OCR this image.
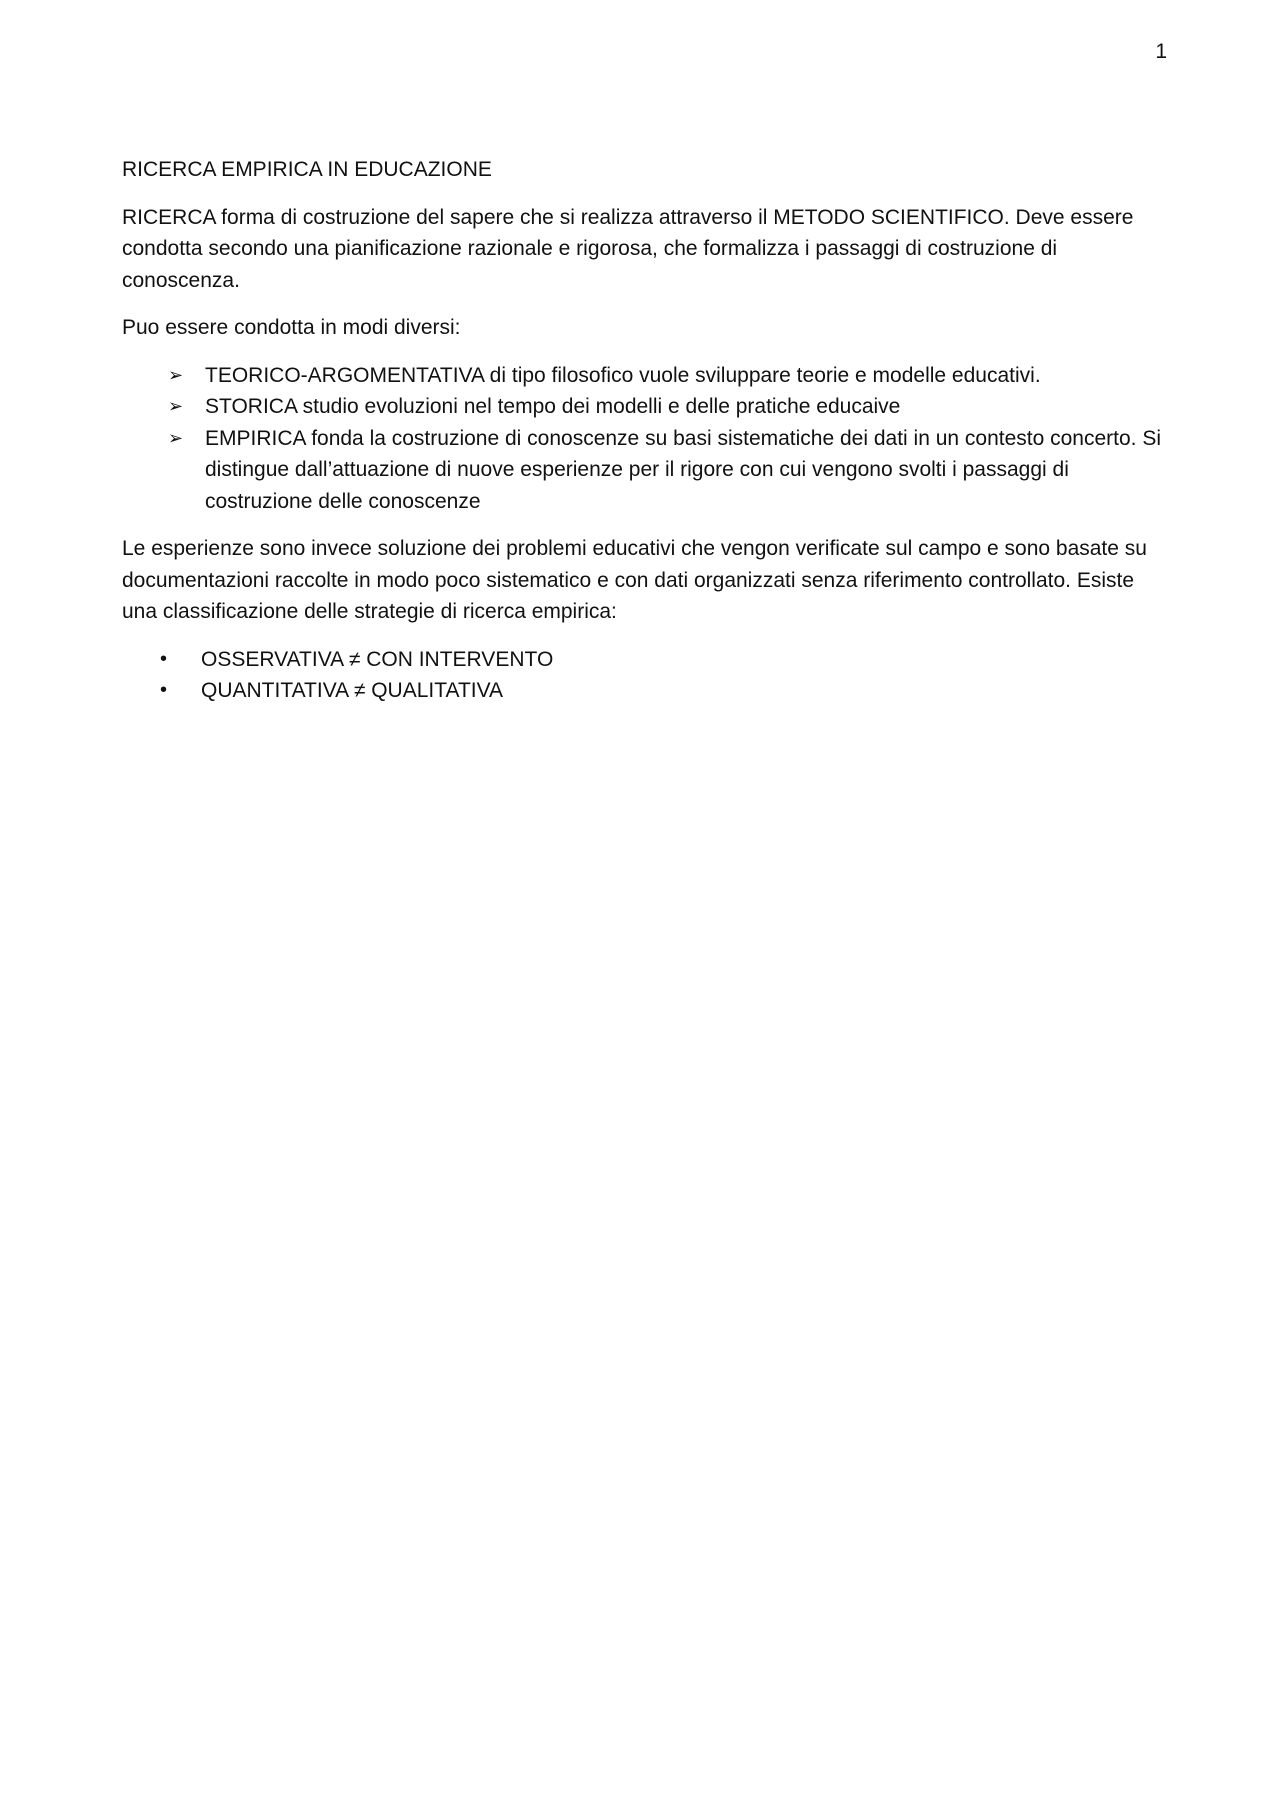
1

RICERCA EMPIRICA IN EDUCAZIONE

RICERCA forma di costruzione del sapere che si realizza attraverso il METODO SCIENTIFICO. Deve essere condotta secondo una pianificazione razionale e rigorosa, che formalizza i passaggi di costruzione di conoscenza.

Puo essere condotta in modi diversi:

➢ TEORICO-ARGOMENTATIVA di tipo filosofico vuole sviluppare teorie e modelle educativi.
➢ STORICA studio evoluzioni nel tempo dei modelli e delle pratiche educaive
➢ EMPIRICA fonda la costruzione di conoscenze su basi sistematiche dei dati in un contesto concerto. Si distingue dall’attuazione di nuove esperienze per il rigore con cui vengono svolti i passaggi di costruzione delle conoscenze

Le esperienze sono invece soluzione dei problemi educativi che vengon verificate sul campo e sono basate su documentazioni raccolte in modo poco sistematico e con dati organizzati senza riferimento controllato. Esiste una classificazione delle strategie di ricerca empirica:

• OSSERVATIVA ≠ CON INTERVENTO
• QUANTITATIVA ≠ QUALITATIVA
